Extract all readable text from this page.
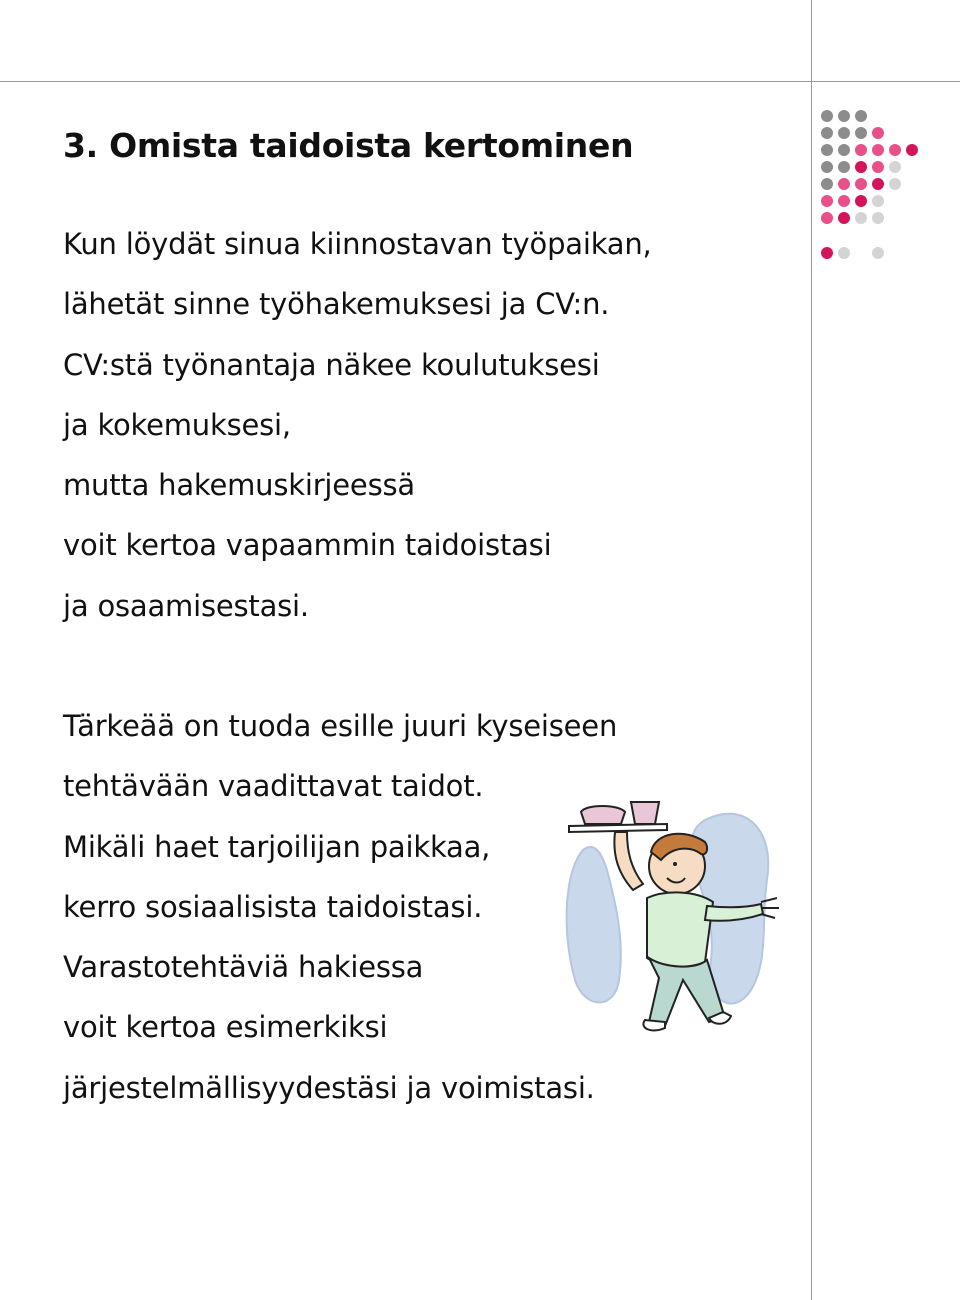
3. Omista taidoista kertominen
Kun löydät sinua kiinnostavan työpaikan,
lähetät sinne työhakemuksesi ja CV:n.
CV:stä työnantaja näkee koulutuksesi
ja kokemuksesi,
mutta hakemuskirjeessä
voit kertoa vapaammin taidoistasi
ja osaamisestasi.
Tärkeää on tuoda esille juuri kyseiseen
tehtävään vaadittavat taidot.
Mikäli haet tarjoilijan paikkaa,
kerro sosiaalisista taidoistasi.
Varastotehtäviä hakiessa
voit kertoa esimerkiksi
järjestelmällisyydestäsi ja voimistasi.
